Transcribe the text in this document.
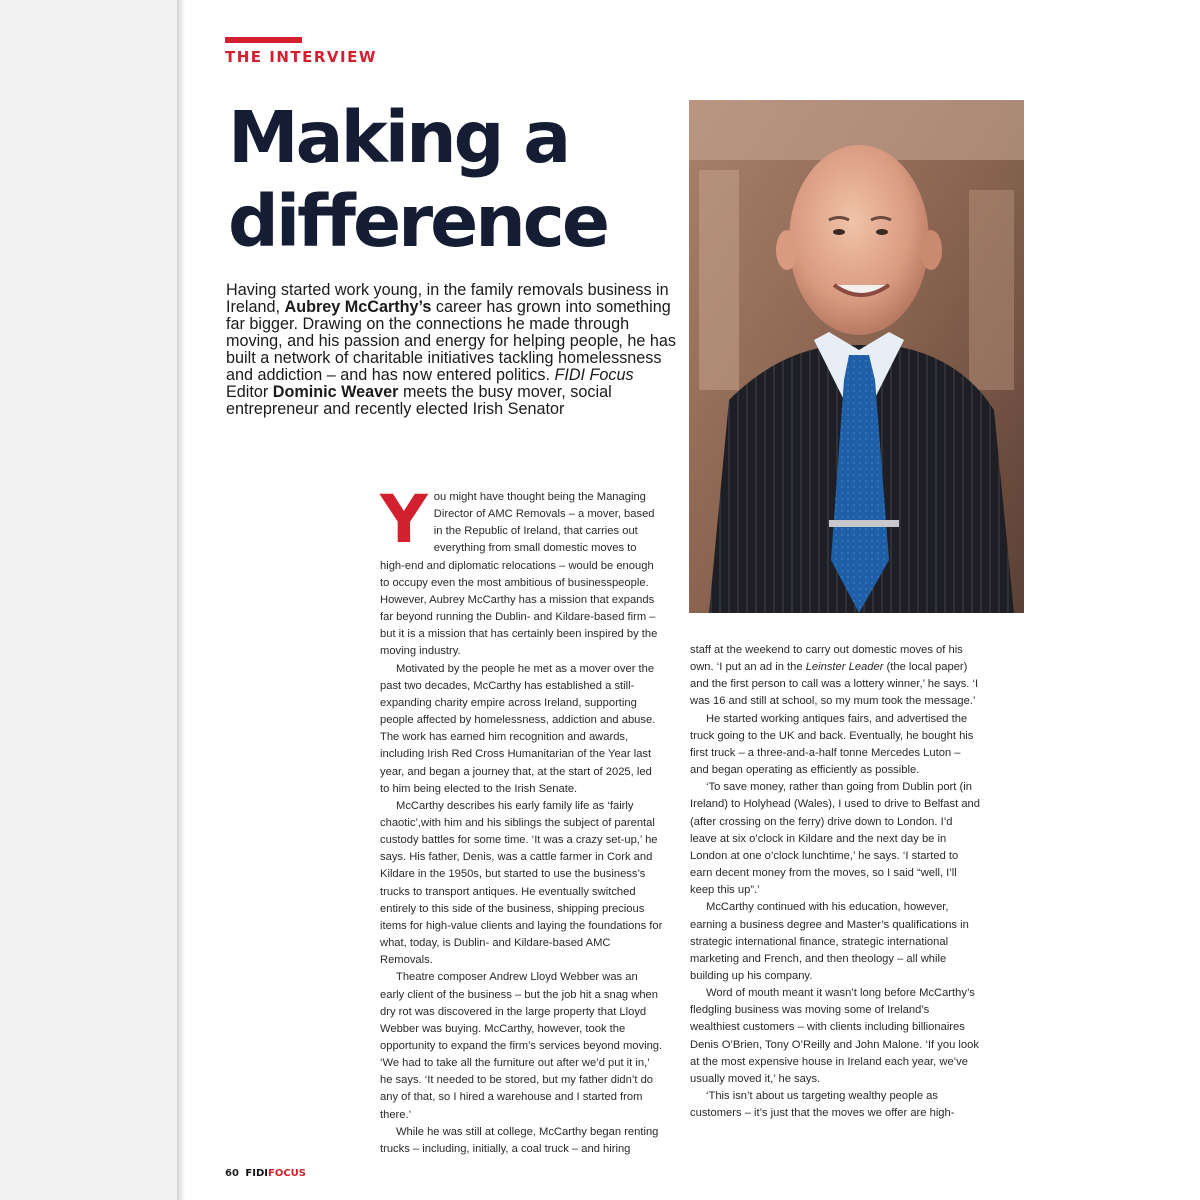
THE INTERVIEW
Making a
difference

Having started work young, in the family removals business in Ireland, Aubrey McCarthy’s career has grown into something far bigger. Drawing on the connections he made through moving, and his passion and energy for helping people, he has built a network of charitable initiatives tackling homelessness and addiction – and has now entered politics. FIDI Focus Editor Dominic Weaver meets the busy mover, social entrepreneur and recently elected Irish Senator

You might have thought being the Managing Director of AMC Removals – a mover, based in the Republic of Ireland, that carries out everything from small domestic moves to high-end and diplomatic relocations – would be enough to occupy even the most ambitious of businesspeople. However, Aubrey McCarthy has a mission that expands far beyond running the Dublin- and Kildare-based firm – but it is a mission that has certainly been inspired by the moving industry.

Motivated by the people he met as a mover over the past two decades, McCarthy has established a still-expanding charity empire across Ireland, supporting people affected by homelessness, addiction and abuse. The work has earned him recognition and awards, including Irish Red Cross Humanitarian of the Year last year, and began a journey that, at the start of 2025, led to him being elected to the Irish Senate.

McCarthy describes his early family life as ‘fairly chaotic’,with him and his siblings the subject of parental custody battles for some time. ‘It was a crazy set-up,’ he says. His father, Denis, was a cattle farmer in Cork and Kildare in the 1950s, but started to use the business’s trucks to transport antiques. He eventually switched entirely to this side of the business, shipping precious items for high-value clients and laying the foundations for what, today, is Dublin- and Kildare-based AMC Removals.

Theatre composer Andrew Lloyd Webber was an early client of the business – but the job hit a snag when dry rot was discovered in the large property that Lloyd Webber was buying. McCarthy, however, took the opportunity to expand the firm’s services beyond moving. ‘We had to take all the furniture out after we’d put it in,’ he says. ‘It needed to be stored, but my father didn’t do any of that, so I hired a warehouse and I started from there.’

While he was still at college, McCarthy began renting trucks – including, initially, a coal truck – and hiring

staff at the weekend to carry out domestic moves of his own. ‘I put an ad in the Leinster Leader (the local paper) and the first person to call was a lottery winner,’ he says. ‘I was 16 and still at school, so my mum took the message.’

He started working antiques fairs, and advertised the truck going to the UK and back. Eventually, he bought his first truck – a three-and-a-half tonne Mercedes Luton – and began operating as efficiently as possible.

‘To save money, rather than going from Dublin port (in Ireland) to Holyhead (Wales), I used to drive to Belfast and (after crossing on the ferry) drive down to London. I’d leave at six o’clock in Kildare and the next day be in London at one o’clock lunchtime,’ he says. ‘I started to earn decent money from the moves, so I said “well, I’ll keep this up”.’

McCarthy continued with his education, however, earning a business degree and Master’s qualifications in strategic international finance, strategic international marketing and French, and then theology – all while building up his company.

Word of mouth meant it wasn’t long before McCarthy’s fledgling business was moving some of Ireland’s wealthiest customers – with clients including billionaires Denis O’Brien, Tony O’Reilly and John Malone. ‘If you look at the most expensive house in Ireland each year, we’ve usually moved it,’ he says.

‘This isn’t about us targeting wealthy people as customers – it’s just that the moves we offer are high-

60 FIDIFOCUS
